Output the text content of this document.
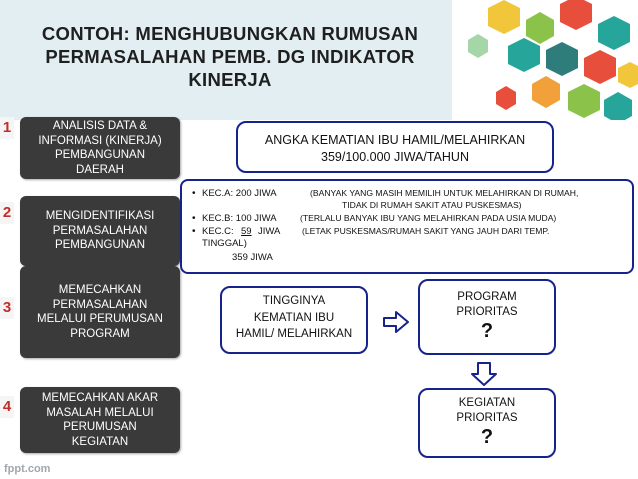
CONTOH: MENGHUBUNGKAN RUMUSAN
PERMASALAHAN PEMB. DG INDIKATOR
KINERJA
1
2
3
4
ANALISIS DATA &
INFORMASI (KINERJA)
PEMBANGUNAN
DAERAH
MENGIDENTIFIKASI
PERMASALAHAN
PEMBANGUNAN
MEMECAHKAN
PERMASALAHAN
MELALUI PERUMUSAN
PROGRAM
MEMECAHKAN AKAR
MASALAH MELALUI
PERUMUSAN KEGIATAN
ANGKA KEMATIAN IBU HAMIL/MELAHIRKAN
359/100.000 JIWA/TAHUN
• KEC.A: 200 JIWA	(BANYAK YANG MASIH MEMILIH UNTUK MELAHIRKAN DI RUMAH,
TIDAK DI RUMAH SAKIT ATAU PUSKESMAS)
• KEC.B: 100 JIWA	(TERLALU BANYAK IBU YANG MELAHIRKAN PADA USIA MUDA)
• KEC.C: 59 JIWA	(LETAK PUSKESMAS/RUMAH SAKIT YANG JAUH DARI TEMP.
TINGGAL)
359 JIWA
TINGGINYA
KEMATIAN IBU
HAMIL/ MELAHIRKAN
PROGRAM
PRIORITAS
?
KEGIATAN
PRIORITAS
?
fppt.com
